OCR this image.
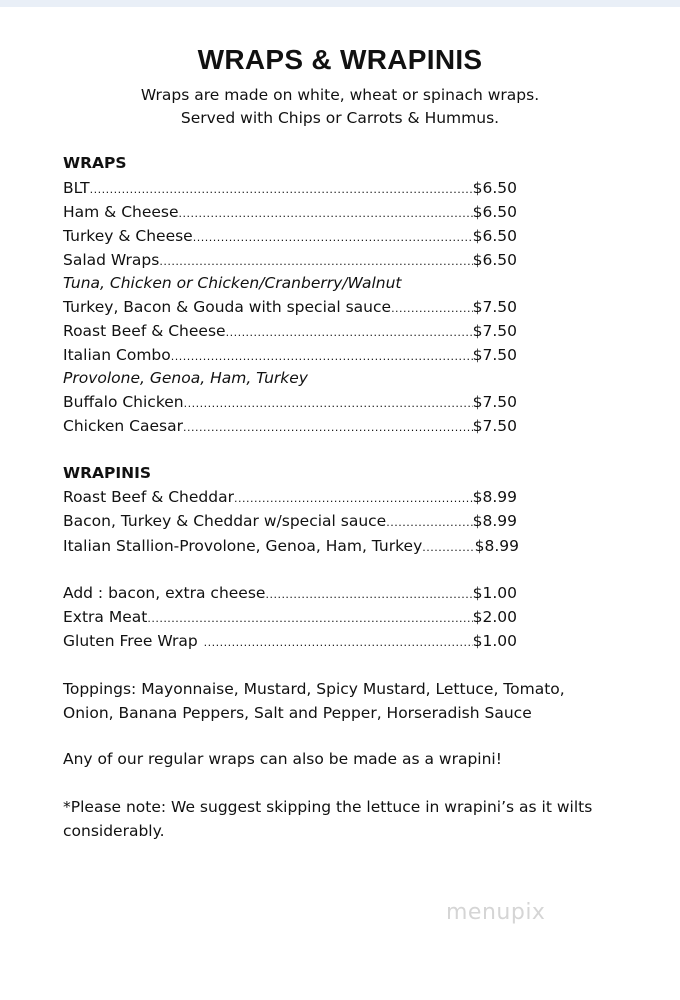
WRAPS & WRAPINIS
Wraps are made on white, wheat or spinach wraps.
Served with Chips or Carrots & Hummus.
WRAPS
BLT .....	$6.50
Ham & Cheese .....	$6.50
Turkey & Cheese .....	$6.50
Salad Wraps .....	$6.50
Tuna, Chicken or Chicken/Cranberry/Walnut
Turkey, Bacon & Gouda with special sauce .....	$7.50
Roast Beef & Cheese .....	$7.50
Italian Combo .....	$7.50
Provolone, Genoa, Ham, Turkey
Buffalo Chicken .....	$7.50
Chicken Caesar .....	$7.50
WRAPINIS
Roast Beef & Cheddar .....	$8.99
Bacon, Turkey & Cheddar w/special sauce .....	$8.99
Italian Stallion-Provolone, Genoa, Ham, Turkey .....	$8.99
Add : bacon, extra cheese .....	$1.00
Extra Meat .....	$2.00
Gluten Free Wrap .....	$1.00
Toppings: Mayonnaise, Mustard, Spicy Mustard, Lettuce, Tomato,
Onion, Banana Peppers, Salt and Pepper, Horseradish Sauce
Any of our regular wraps can also be made as a wrapini!
*Please note: We suggest skipping the lettuce in wrapini’s as it wilts
considerably.
menupix
